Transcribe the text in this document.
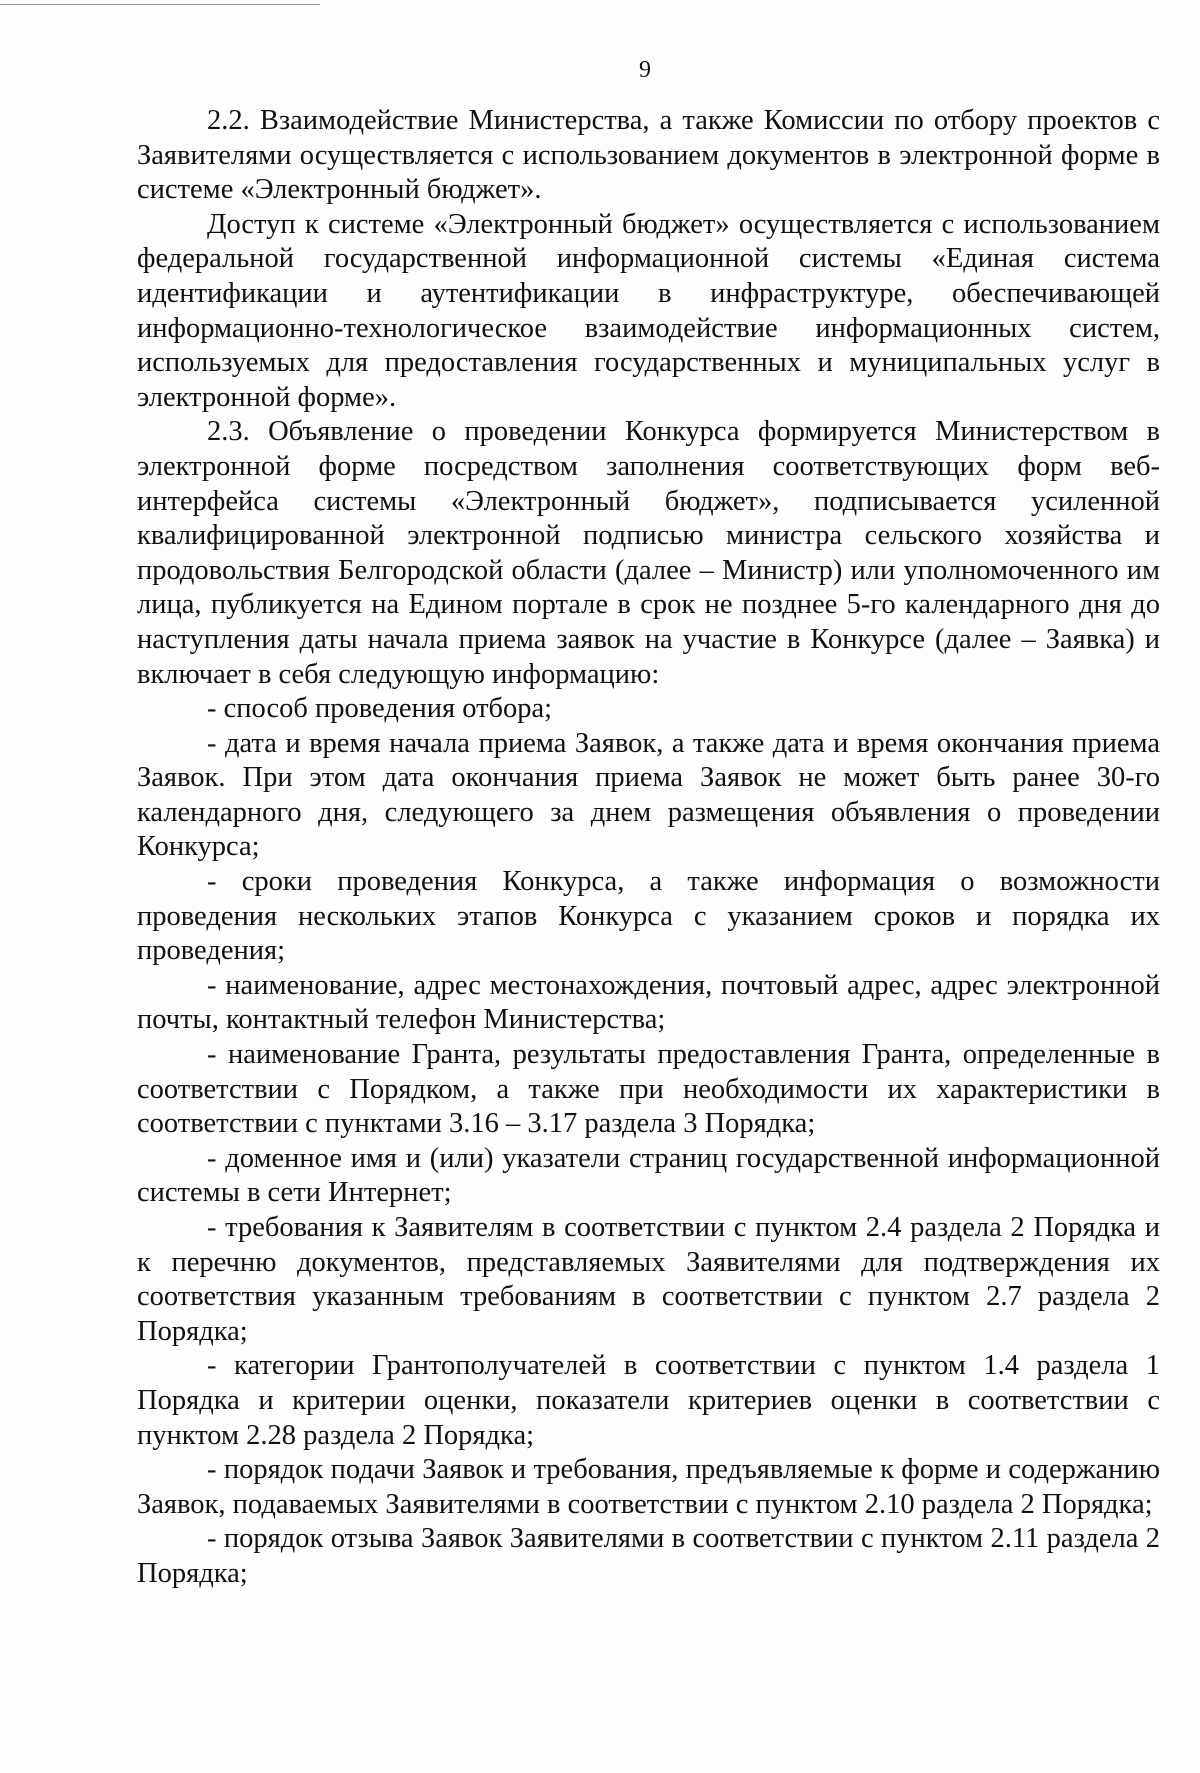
9

2.2. Взаимодействие Министерства, а также Комиссии по отбору проектов с Заявителями осуществляется с использованием документов в электронной форме в системе «Электронный бюджет».

Доступ к системе «Электронный бюджет» осуществляется с использованием федеральной государственной информационной системы «Единая система идентификации и аутентификации в инфраструктуре, обеспечивающей информационно-технологическое взаимодействие информационных систем, используемых для предоставления государственных и муниципальных услуг в электронной форме».

2.3. Объявление о проведении Конкурса формируется Министерством в электронной форме посредством заполнения соответствующих форм веб-интерфейса системы «Электронный бюджет», подписывается усиленной квалифицированной электронной подписью министра сельского хозяйства и продовольствия Белгородской области (далее – Министр) или уполномоченного им лица, публикуется на Едином портале в срок не позднее 5-го календарного дня до наступления даты начала приема заявок на участие в Конкурсе (далее – Заявка) и включает в себя следующую информацию:

- способ проведения отбора;

- дата и время начала приема Заявок, а также дата и время окончания приема Заявок. При этом дата окончания приема Заявок не может быть ранее 30-го календарного дня, следующего за днем размещения объявления о проведении Конкурса;

- сроки проведения Конкурса, а также информация о возможности проведения нескольких этапов Конкурса с указанием сроков и порядка их проведения;

- наименование, адрес местонахождения, почтовый адрес, адрес электронной почты, контактный телефон Министерства;

- наименование Гранта, результаты предоставления Гранта, определенные в соответствии с Порядком, а также при необходимости их характеристики в соответствии с пунктами 3.16 – 3.17 раздела 3 Порядка;

- доменное имя и (или) указатели страниц государственной информационной системы в сети Интернет;

- требования к Заявителям в соответствии с пунктом 2.4 раздела 2 Порядка и к перечню документов, представляемых Заявителями для подтверждения их соответствия указанным требованиям в соответствии с пунктом 2.7 раздела 2 Порядка;

- категории Грантополучателей в соответствии с пунктом 1.4 раздела 1 Порядка и критерии оценки, показатели критериев оценки в соответствии с пунктом 2.28 раздела 2 Порядка;

- порядок подачи Заявок и требования, предъявляемые к форме и содержанию Заявок, подаваемых Заявителями в соответствии с пунктом 2.10 раздела 2 Порядка;

- порядок отзыва Заявок Заявителями в соответствии с пунктом 2.11 раздела 2 Порядка;
